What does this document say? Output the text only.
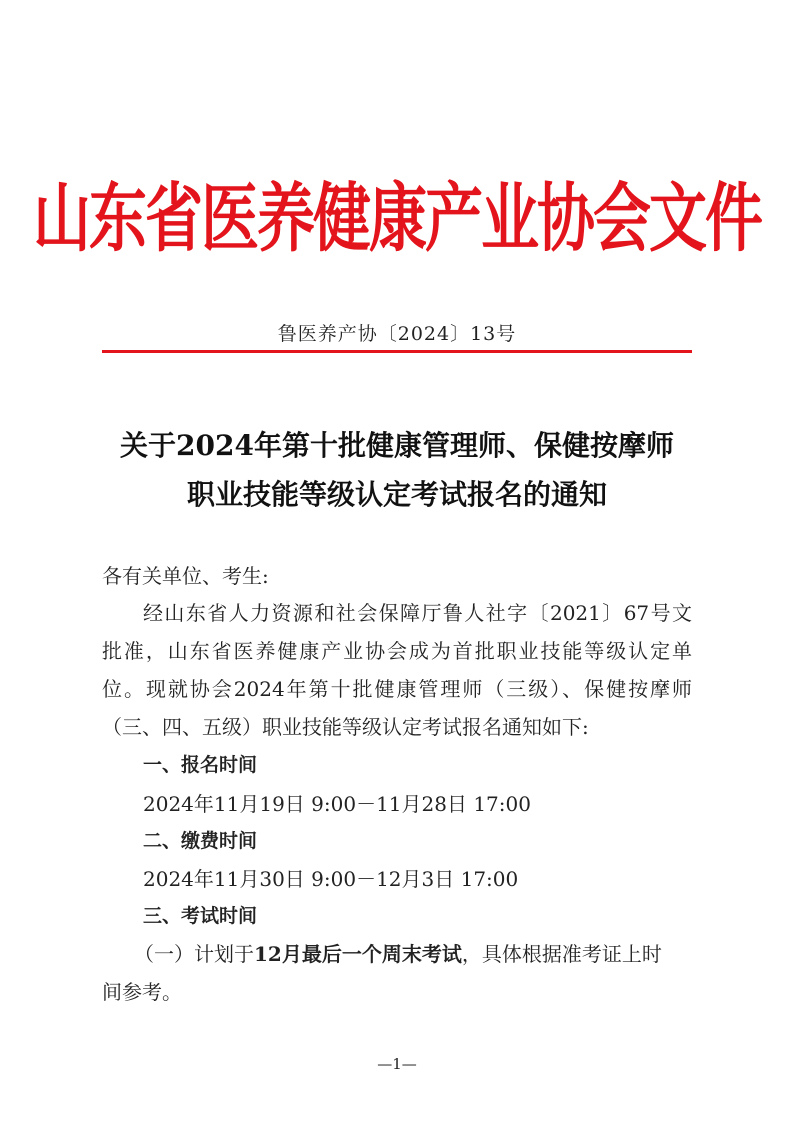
山东省医养健康产业协会文件
鲁医养产协〔2024〕13号
关于2024年第十批健康管理师、保健按摩师
职业技能等级认定考试报名的通知
各有关单位、考生:
经山东省人力资源和社会保障厅鲁人社字〔2021〕67号文
批准，山东省医养健康产业协会成为首批职业技能等级认定单
位。现就协会2024年第十批健康管理师（三级）、保健按摩师
（三、四、五级）职业技能等级认定考试报名通知如下:
一、报名时间
2024年11月19日 9:00－11月28日 17:00
二、缴费时间
2024年11月30日 9:00－12月3日 17:00
三、考试时间
（一）计划于12月最后一个周末考试，具体根据准考证上时
间参考。
—1—
